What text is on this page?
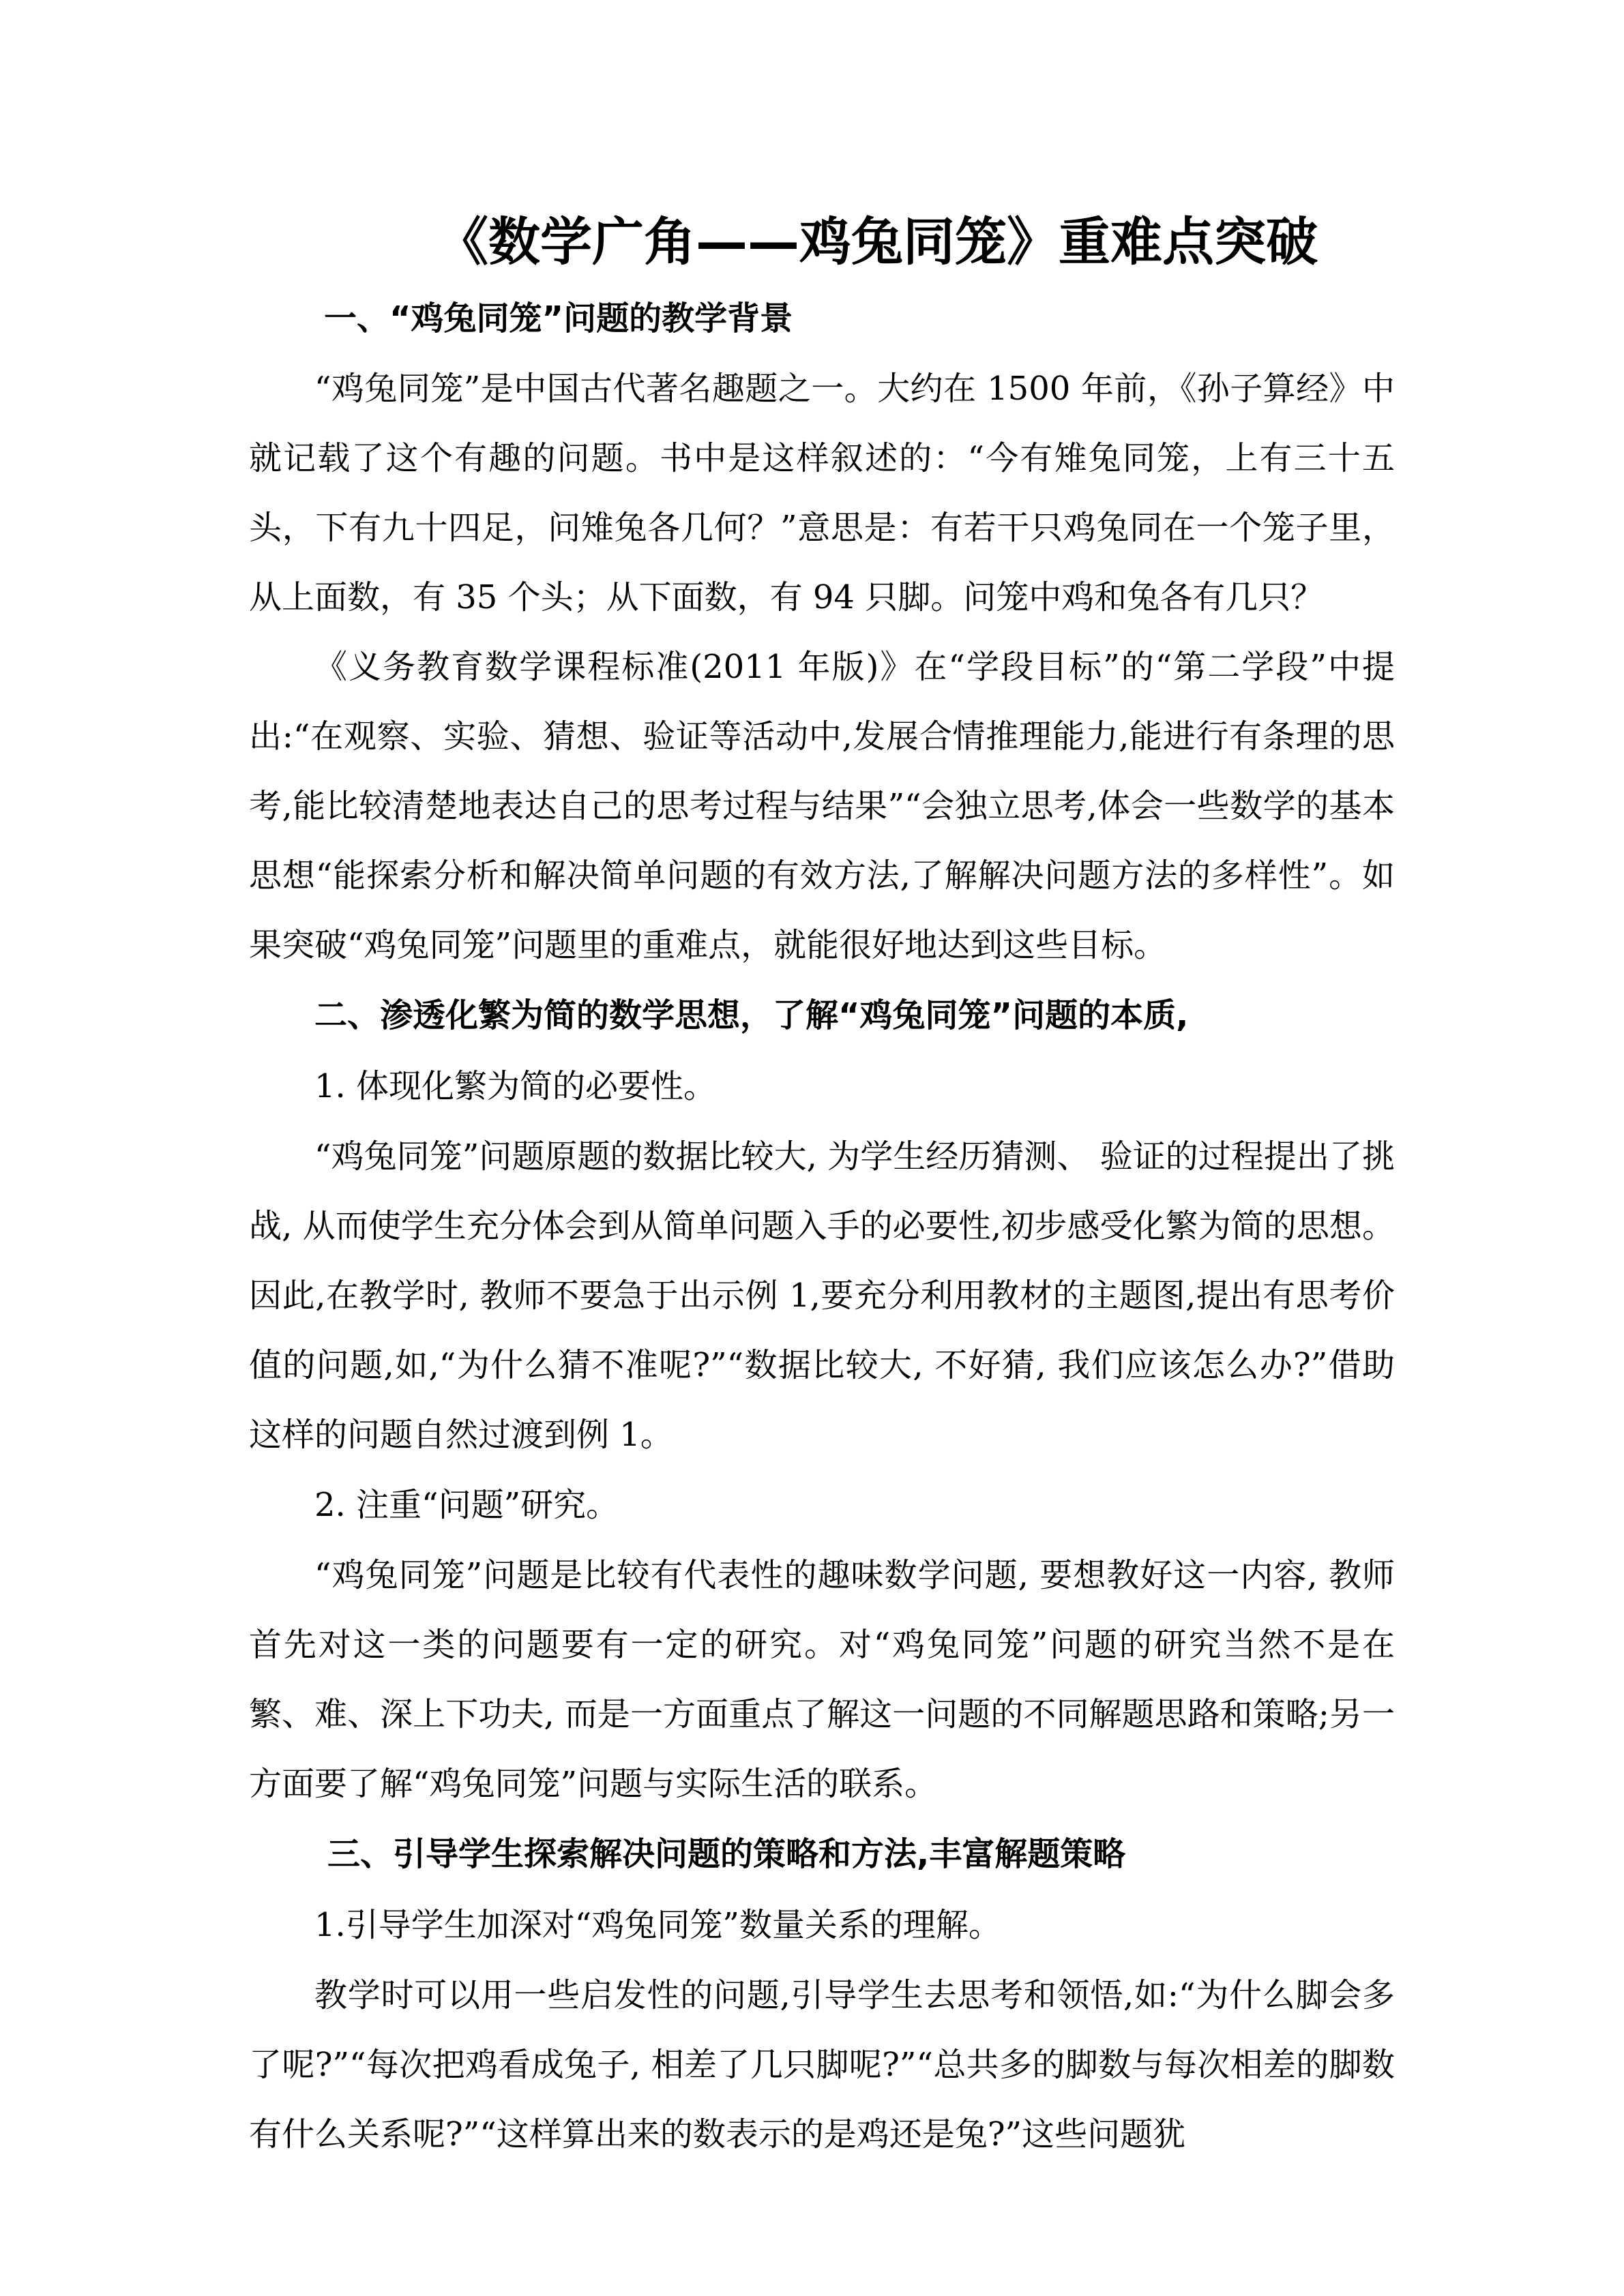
《数学广角——鸡兔同笼》重难点突破

一、“鸡兔同笼”问题的教学背景

“鸡兔同笼”是中国古代著名趣题之一。大约在 1500 年前，《孙子算经》中就记载了这个有趣的问题。书中是这样叙述的：“今有雉兔同笼，上有三十五头，下有九十四足，问雉兔各几何？”意思是：有若干只鸡兔同在一个笼子里，从上面数，有 35 个头；从下面数，有 94 只脚。问笼中鸡和兔各有几只？

《义务教育数学课程标准(2011 年版)》在“学段目标”的“第二学段”中提出:“在观察、实验、猜想、验证等活动中,发展合情推理能力,能进行有条理的思考,能比较清楚地表达自己的思考过程与结果”“会独立思考,体会一些数学的基本思想“能探索分析和解决简单问题的有效方法,了解解决问题方法的多样性”。如果突破“鸡兔同笼”问题里的重难点，就能很好地达到这些目标。

二、渗透化繁为简的数学思想，了解“鸡兔同笼”问题的本质,

1. 体现化繁为简的必要性。

“鸡兔同笼”问题原题的数据比较大, 为学生经历猜测、 验证的过程提出了挑战, 从而使学生充分体会到从简单问题入手的必要性,初步感受化繁为简的思想。因此,在教学时, 教师不要急于出示例 1,要充分利用教材的主题图,提出有思考价值的问题,如,“为什么猜不准呢?”“数据比较大, 不好猜, 我们应该怎么办?”借助这样的问题自然过渡到例 1。

2. 注重“问题”研究。

“鸡兔同笼”问题是比较有代表性的趣味数学问题, 要想教好这一内容, 教师首先对这一类的问题要有一定的研究。对“鸡兔同笼”问题的研究当然不是在繁、难、深上下功夫, 而是一方面重点了解这一问题的不同解题思路和策略;另一方面要了解“鸡兔同笼”问题与实际生活的联系。

三、引导学生探索解决问题的策略和方法,丰富解题策略

1.引导学生加深对“鸡兔同笼”数量关系的理解。

教学时可以用一些启发性的问题,引导学生去思考和领悟,如:“为什么脚会多了呢?”“每次把鸡看成兔子, 相差了几只脚呢?”“总共多的脚数与每次相差的脚数有什么关系呢?”“这样算出来的数表示的是鸡还是兔?”这些问题犹
